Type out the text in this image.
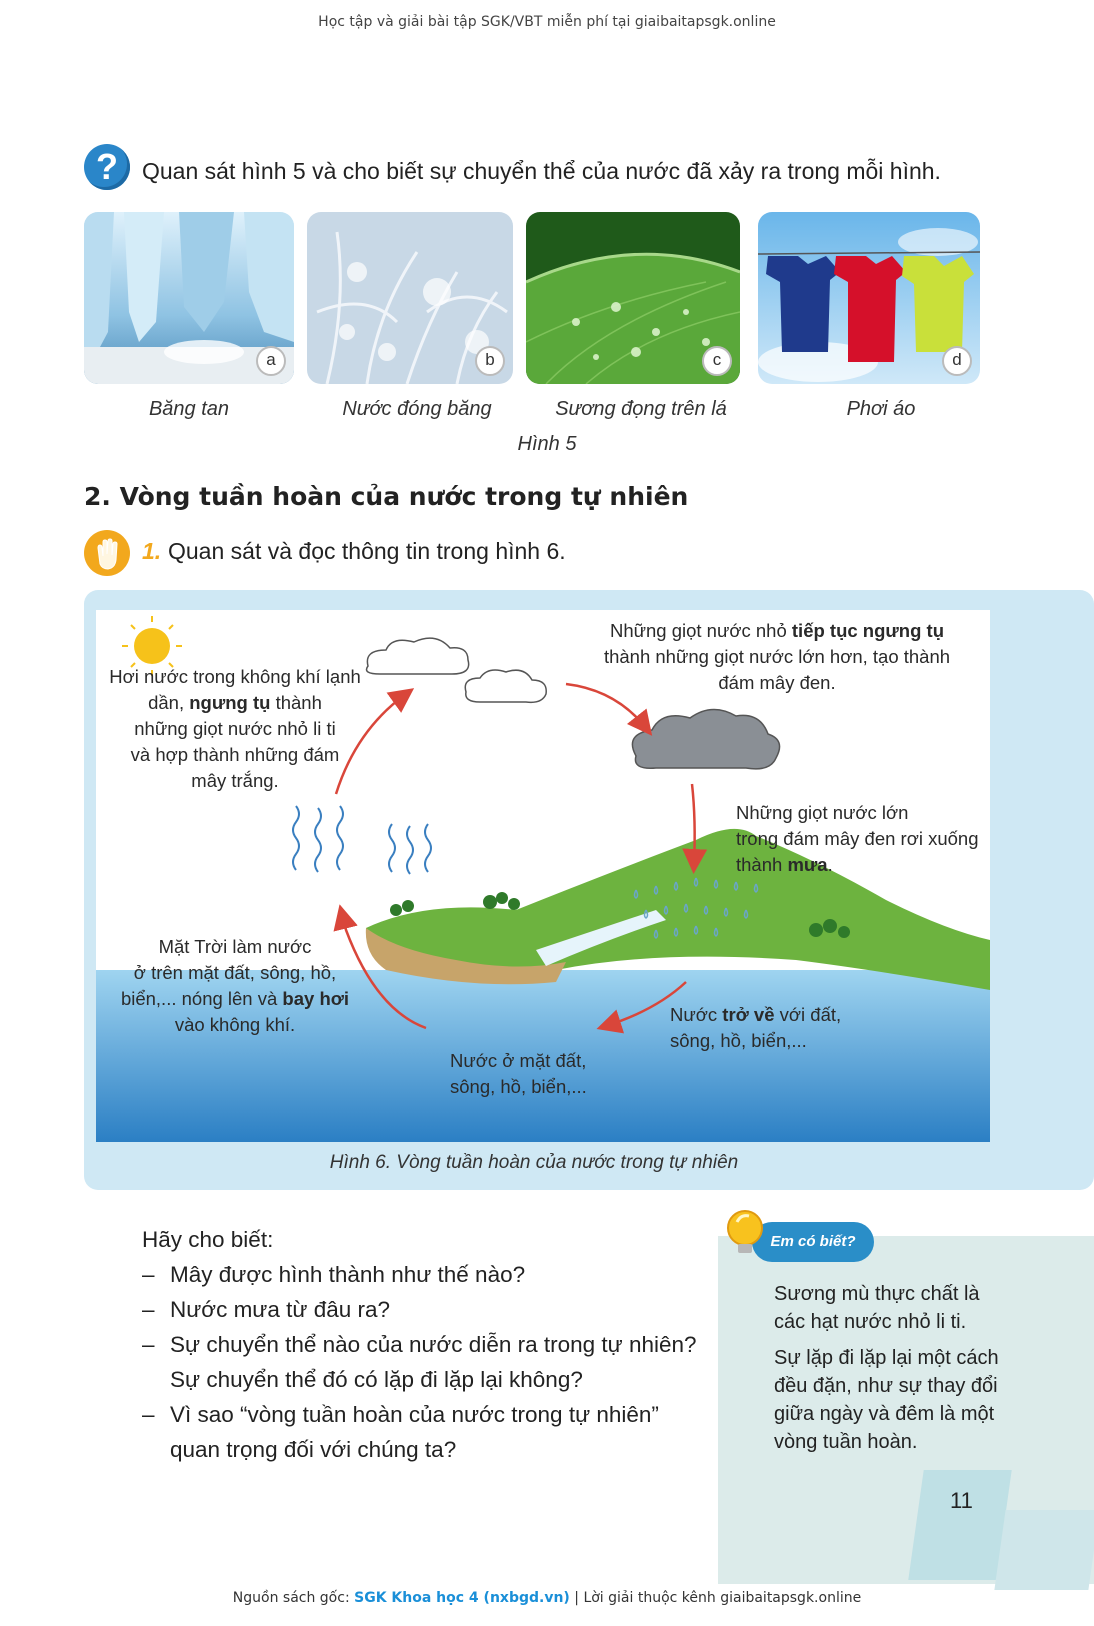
Học tập và giải bài tập SGK/VBT miễn phí tại giaibaitapsgk.online
?	Quan sát hình 5 và cho biết sự chuyển thể của nước đã xảy ra trong mỗi hình.
a	b	c	d
Băng tan	Nước đóng băng	Sương đọng trên lá	Phơi áo
Hình 5
2. Vòng tuần hoàn của nước trong tự nhiên
1. Quan sát và đọc thông tin trong hình 6.
Hơi nước trong không khí lạnh
dần, ngưng tụ thành
những giọt nước nhỏ li ti
và hợp thành những đám
mây trắng.
Những giọt nước nhỏ tiếp tục ngưng tụ
thành những giọt nước lớn hơn, tạo thành
đám mây đen.
Những giọt nước lớn
trong đám mây đen rơi xuống
thành mưa.
Mặt Trời làm nước
ở trên mặt đất, sông, hồ,
biển,... nóng lên và bay hơi
vào không khí.	Nước trở về với đất,
sông, hồ, biển,...
Nước ở mặt đất,
sông, hồ, biển,...
Hình 6. Vòng tuần hoàn của nước trong tự nhiên
Hãy cho biết:
– Mây được hình thành như thế nào?
– Nước mưa từ đâu ra?
– Sự chuyển thể nào của nước diễn ra trong tự nhiên?
Sự chuyển thể đó có lặp đi lặp lại không?
– Vì sao “vòng tuần hoàn của nước trong tự nhiên”
quan trọng đối với chúng ta?
Em có biết?
Sương mù thực chất là các hạt nước nhỏ li ti.
Sự lặp đi lặp lại một cách đều đặn, như sự thay đổi giữa ngày và đêm là một vòng tuần hoàn.
11
Nguồn sách gốc: SGK Khoa học 4 (nxbgd.vn) | Lời giải thuộc kênh giaibaitapsgk.online
